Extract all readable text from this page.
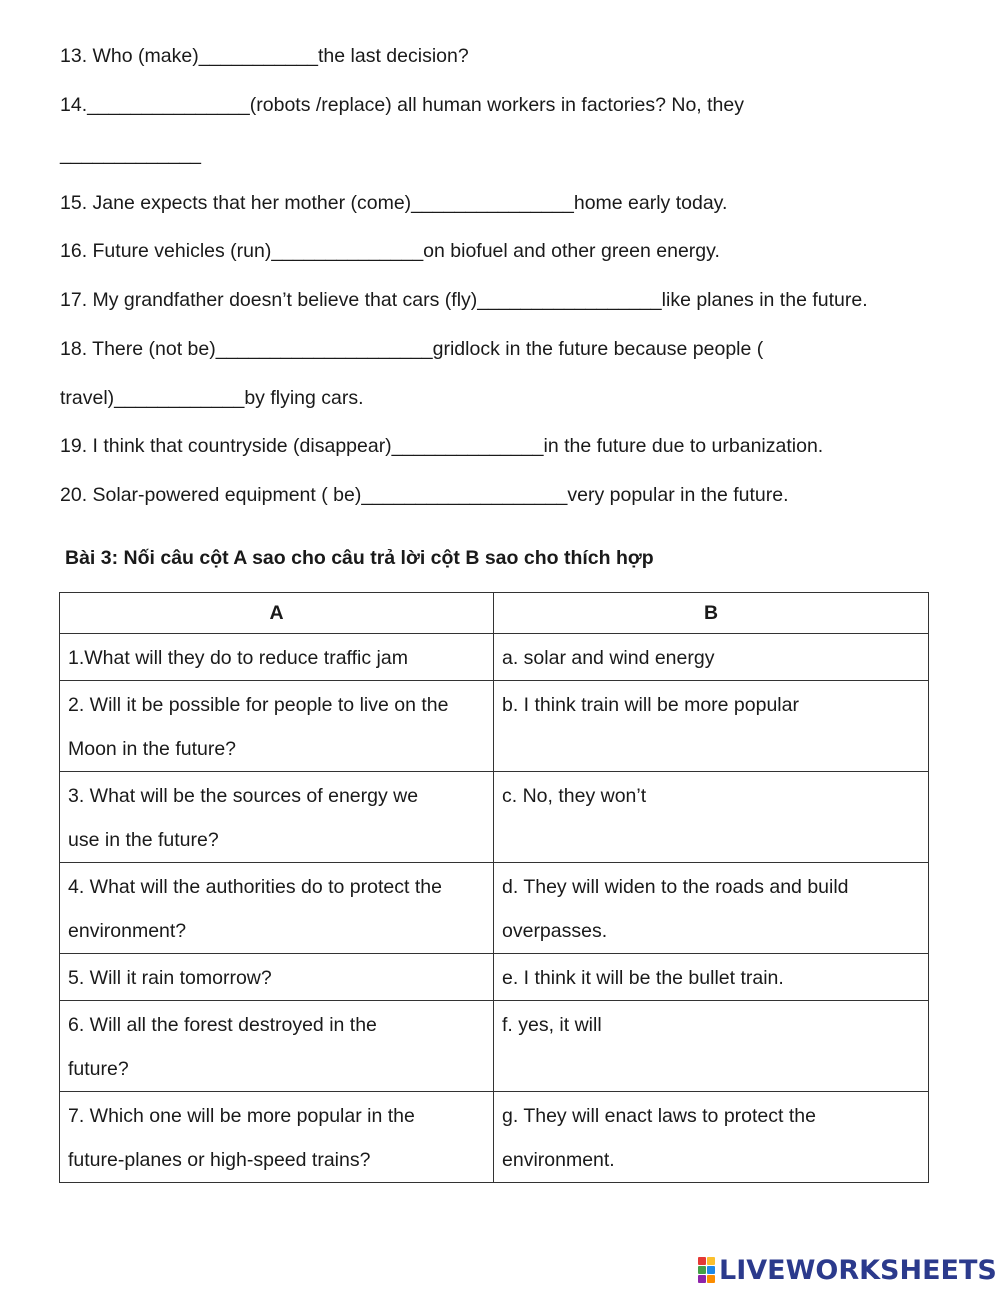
13. Who (make)___________the last decision?

14._______________(robots /replace) all human workers in factories? No, they

_____________

15. Jane expects that her mother (come)_______________home early today.

16. Future vehicles (run)______________on biofuel and other green energy.

17. My grandfather doesn’t believe that cars (fly)_________________like planes in the future.

18. There (not be)____________________gridlock in the future because people (

travel)____________by flying cars.

19. I think that countryside (disappear)______________in the future due to urbanization.

20. Solar-powered equipment ( be)___________________very popular in the future.

Bài 3: Nối câu cột A sao cho câu trả lời cột B sao cho thích hợp

A	B
1.What will they do to reduce traffic jam	a. solar and wind energy
2. Will it be possible for people to live on the
Moon in the future?	b. I think train will be more popular
3. What will be the sources of energy we
use in the future?	c. No, they won’t
4. What will the authorities do to protect the
environment?	d. They will widen to the roads and build
overpasses.
5. Will it rain tomorrow?	e. I think it will be the bullet train.
6. Will all the forest destroyed in the
future?	f. yes, it will
7. Which one will be more popular in the
future-planes or high-speed trains?	g. They will enact laws to protect the
environment.
LIVEWORKSHEETS
